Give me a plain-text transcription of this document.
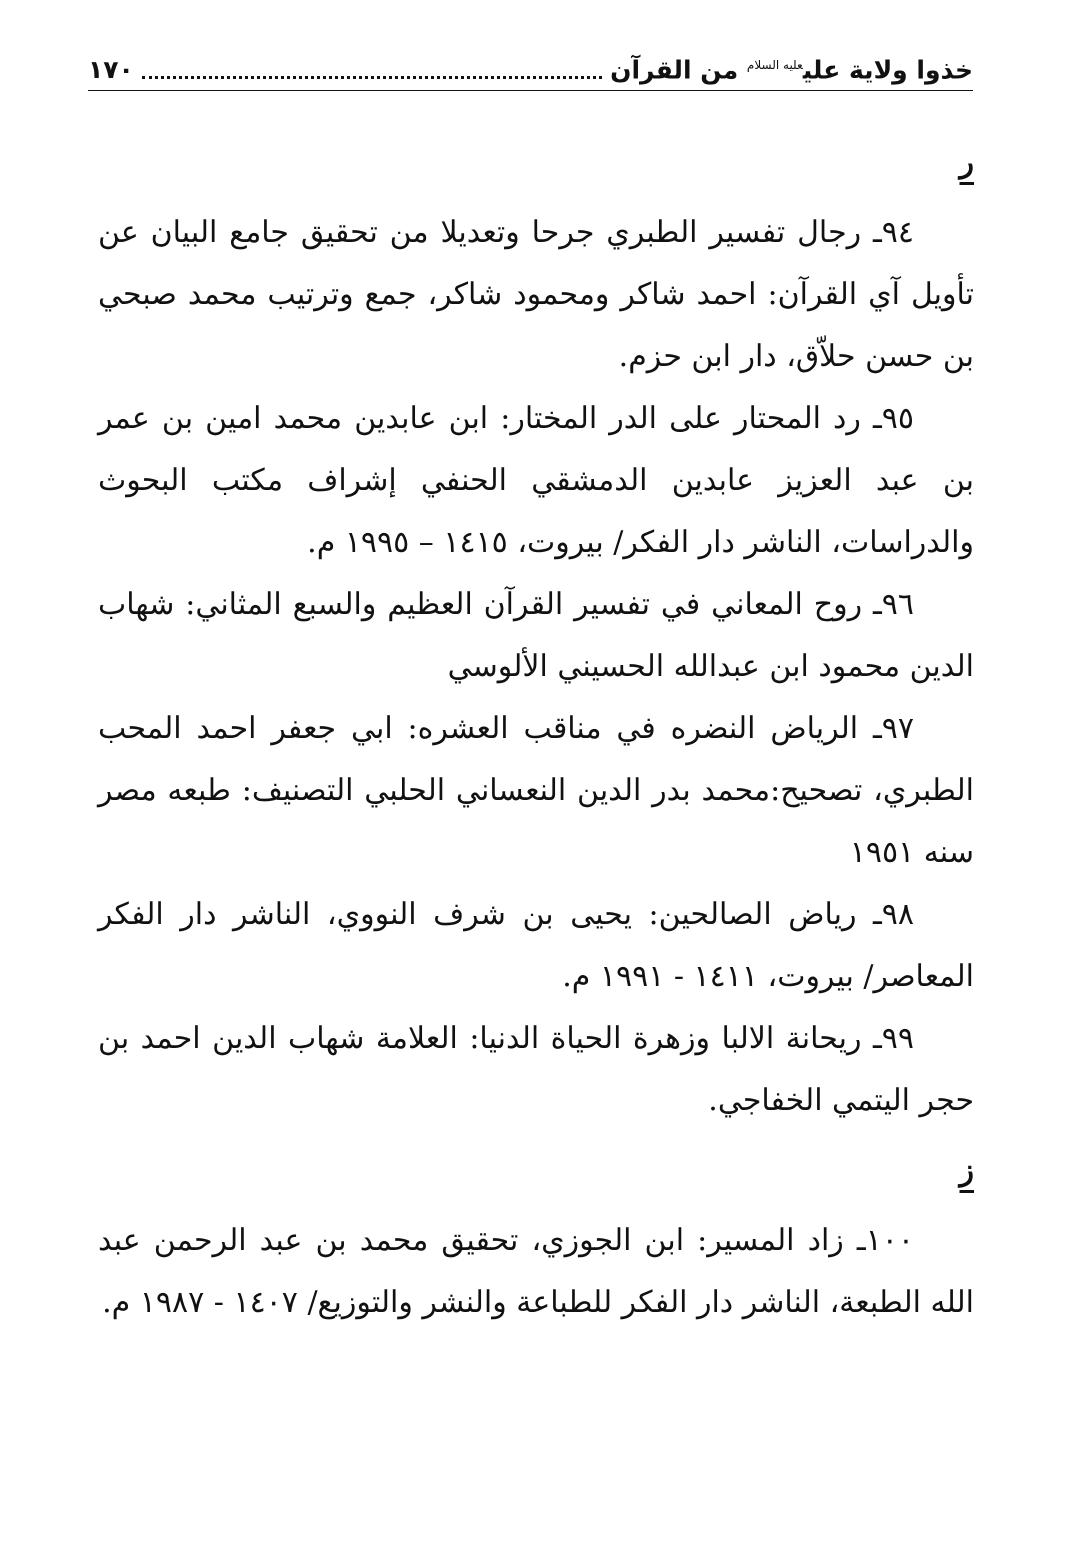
خذوا ولاية علي$^{عليه السلام}$ من القرآن
١٧٠
ر

٩٤ـ رجال تفسير الطبري جرحا وتعديلا من تحقيق جامع البيان عن تأويل آي القرآن: احمد شاكر ومحمود شاكر، جمع وترتيب محمد صبحي بن حسن حلاّق، دار ابن حزم.

٩٥ـ رد المحتار على الدر المختار: ابن عابدين محمد امين بن عمر بن عبد العزيز عابدين الدمشقي الحنفي إشراف مكتب البحوث والدراسات، الناشر دار الفكر/ بيروت، ١٤١٥ – ١٩٩٥ م.

٩٦ـ روح المعاني في تفسير القرآن العظيم والسبع المثاني: شهاب الدين محمود ابن عبدالله الحسيني الألوسي

٩٧ـ الرياض النضره في مناقب العشره: ابي جعفر احمد المحب الطبري، تصحيح:محمد بدر الدين النعساني الحلبي التصنيف: طبعه مصر سنه ١٩٥١

٩٨ـ رياض الصالحين: يحيى بن شرف النووي، الناشر دار الفكر المعاصر/ بيروت، ١٤١١ - ١٩٩١ م.

٩٩ـ ريحانة الالبا وزهرة الحياة الدنيا: العلامة شهاب الدين احمد بن حجر اليتمي الخفاجي.

ز

١٠٠ـ زاد المسير: ابن الجوزي، تحقيق محمد بن عبد الرحمن عبد الله الطبعة، الناشر دار الفكر للطباعة والنشر والتوزيع/ ١٤٠٧ - ١٩٨٧ م.
